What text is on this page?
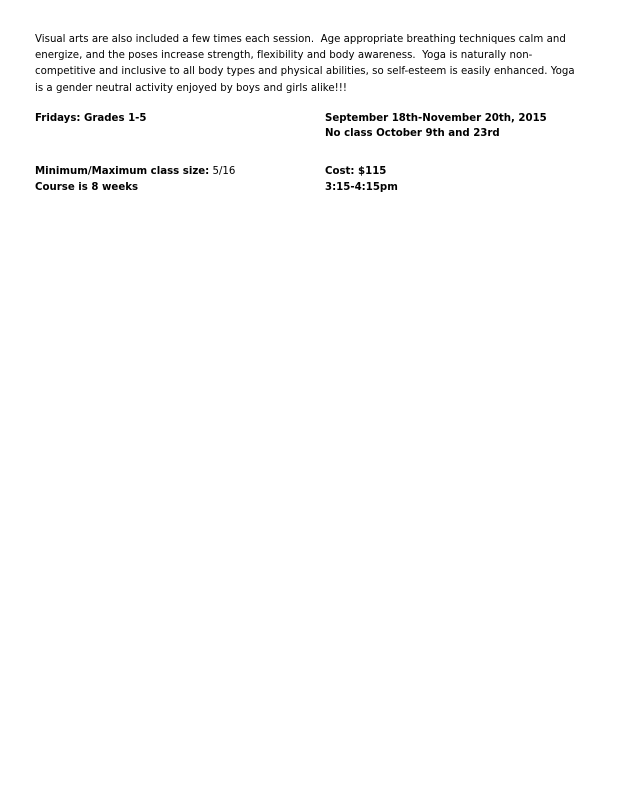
Visual arts are also included a few times each session.  Age appropriate breathing techniques calm and energize, and the poses increase strength, flexibility and body awareness.  Yoga is naturally non-competitive and inclusive to all body types and physical abilities, so self-esteem is easily enhanced. Yoga is a gender neutral activity enjoyed by boys and girls alike!!!

Fridays: Grades 1-5	September 18th-November 20th, 2015

No class October 9th and 23rd
Minimum/Maximum class size: 5/16	Cost: $115
Course is 8 weeks	3:15-4:15pm
